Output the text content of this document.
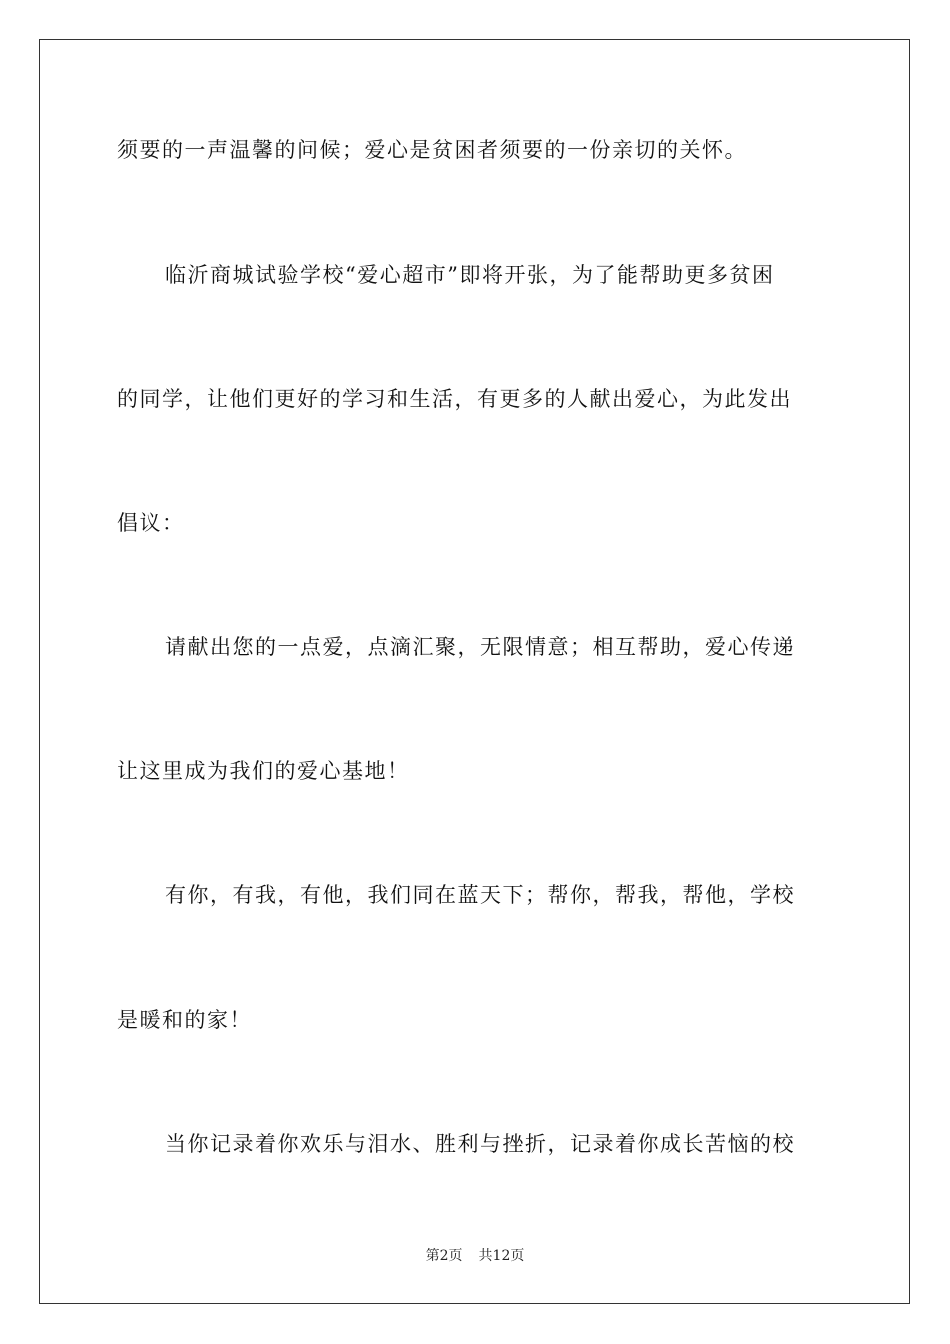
须要的一声温馨的问候；爱心是贫困者须要的一份亲切的关怀。

临沂商城试验学校“爱心超市”即将开张，为了能帮助更多贫困

的同学，让他们更好的学习和生活，有更多的人献出爱心，为此发出

倡议：

请献出您的一点爱，点滴汇聚，无限情意；相互帮助，爱心传递

让这里成为我们的爱心基地！

有你，有我，有他，我们同在蓝天下；帮你，帮我，帮他，学校

是暖和的家！

当你记录着你欢乐与泪水、胜利与挫折，记录着你成长苦恼的校

第2页 共12页
